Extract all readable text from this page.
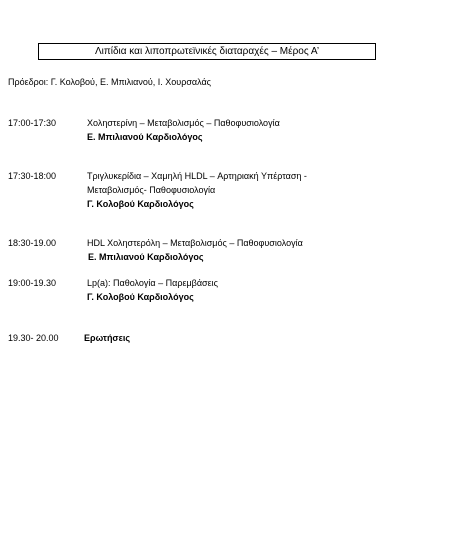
Λιπίδια και λιποπρωτεϊνικές διαταραχές – Μέρος Α’
Πρόεδροι: Γ. Κολοβού, Ε. Μπιλιανού, Ι. Χουρσαλάς
17:00-17:30	Χοληστερίνη – Μεταβολισμός – Παθοφυσιολογία
Ε. Μπιλιανού Καρδιολόγος
17:30-18:00	Τριγλυκερίδια – Χαμηλή HLDL – Αρτηριακή Υπέρταση -
Μεταβολισμός- Παθοφυσιολογία
Γ. Κολοβού Καρδιολόγος
18:30-19.00	HDL Χοληστερόλη – Μεταβολισμός – Παθοφυσιολογία
Ε. Μπιλιανού Καρδιολόγος
19:00-19.30	Lp(a): Παθολογία – Παρεμβάσεις
Γ. Κολοβού Καρδιολόγος
19.30- 20.00	Ερωτήσεις
